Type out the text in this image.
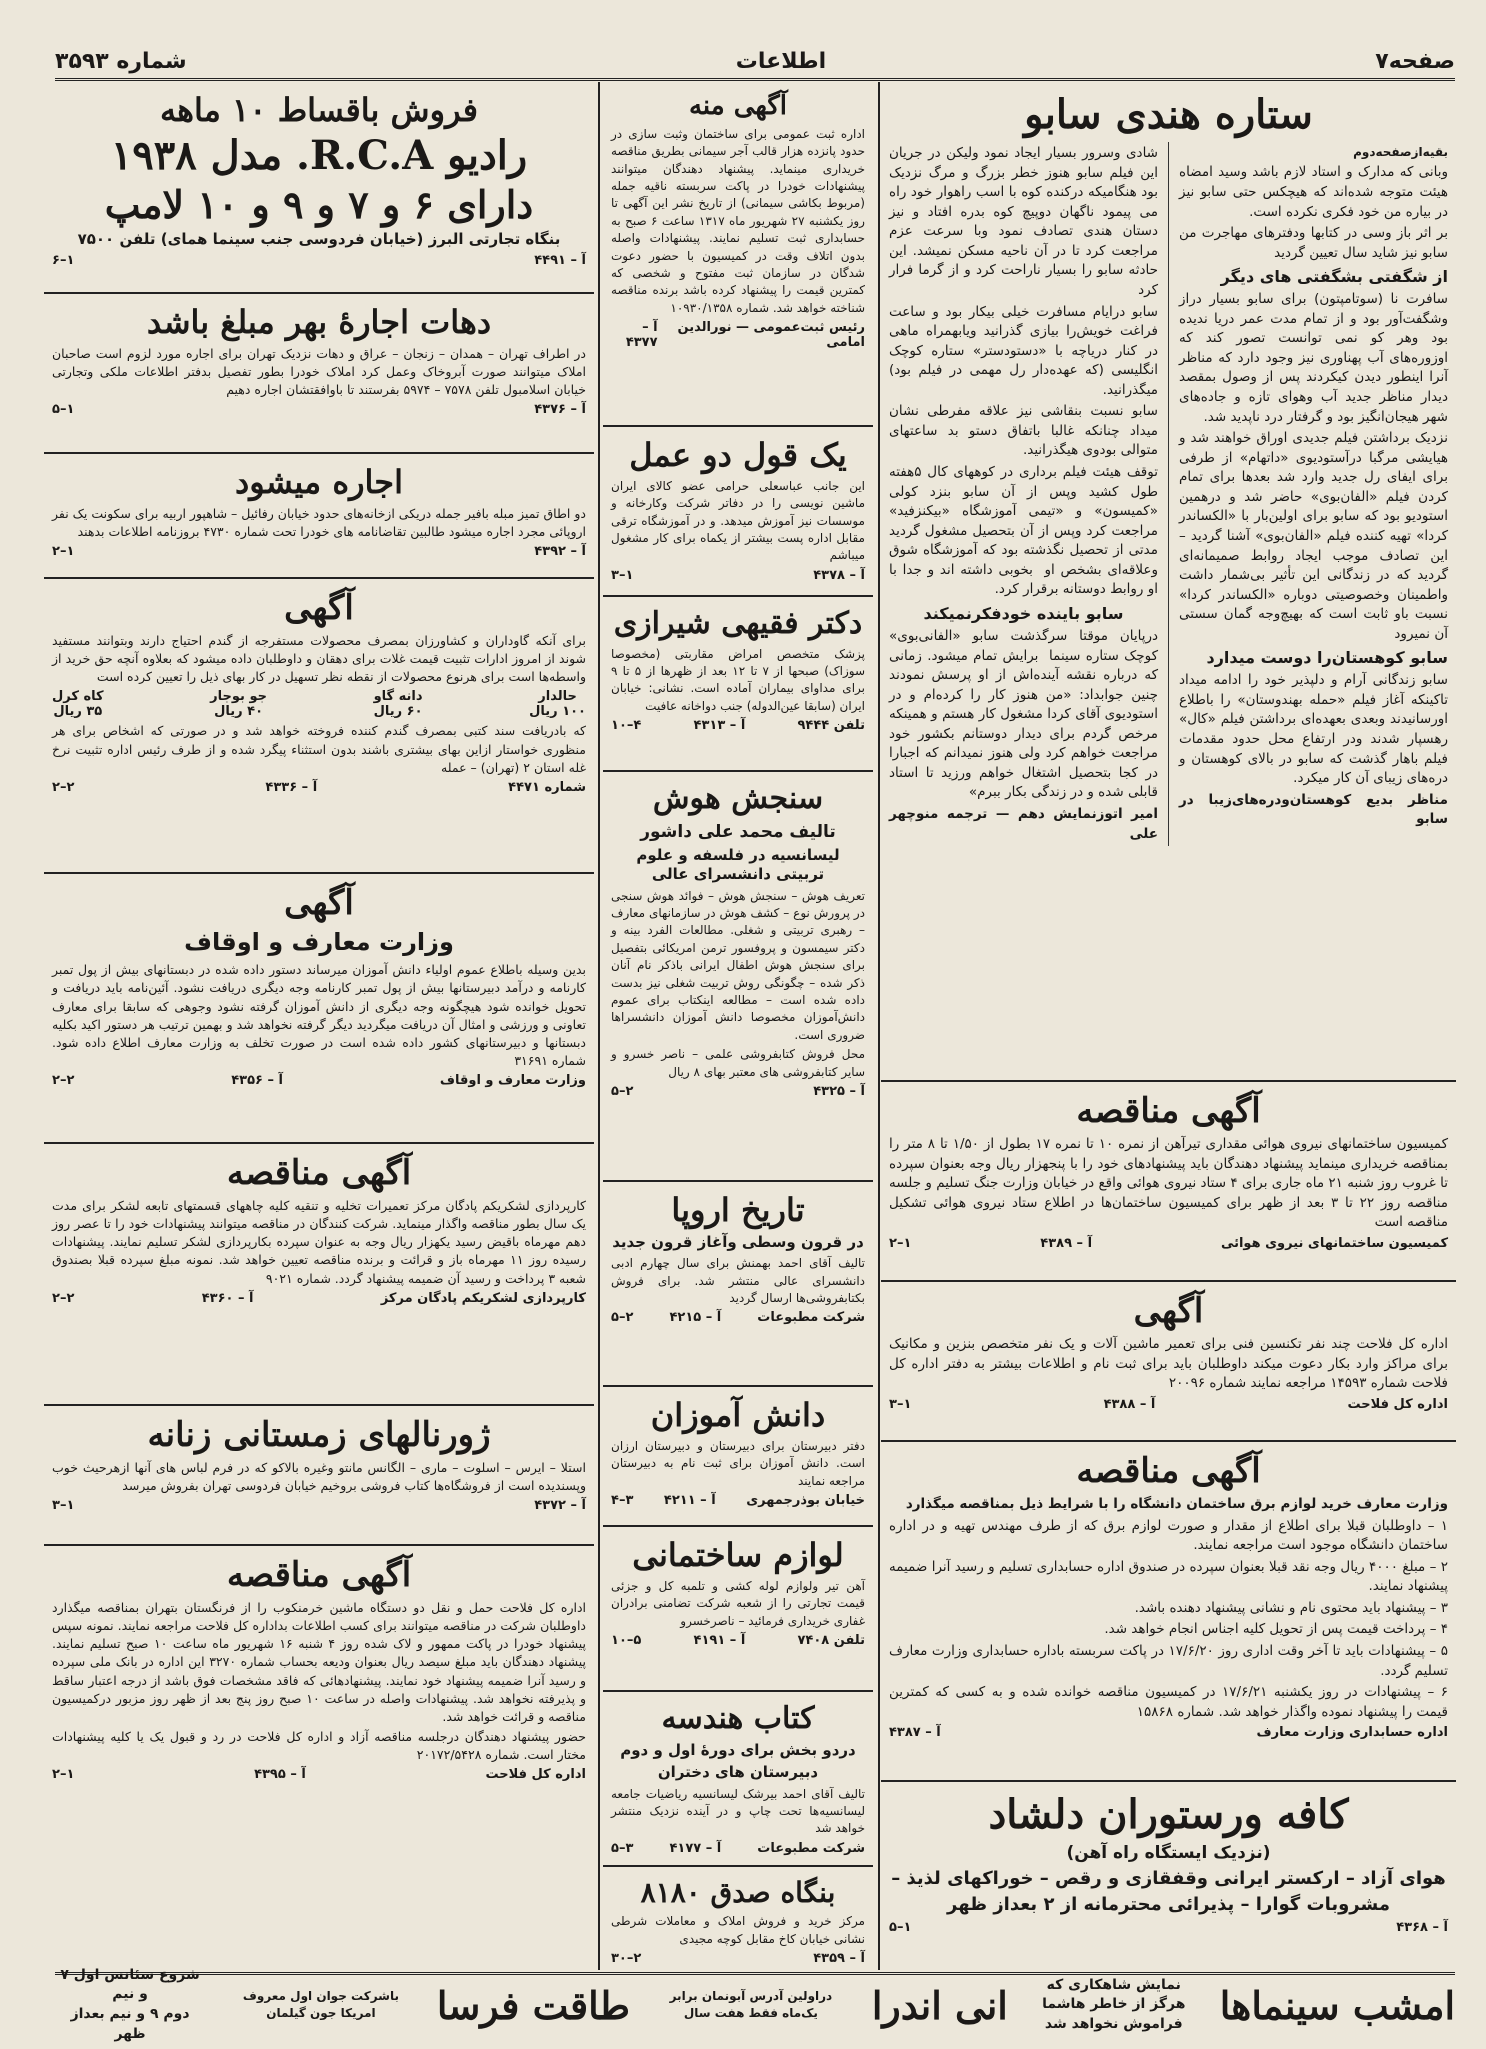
صفحه۷
اطلاعات
شماره ۳۵۹۳
ستاره هندی سابو
بقیه‌ازصفحه‌دوم

وبانی که مدارک و استاد لازم باشد وسید امضاه هیئت متوجه شده‌اند که هیچکس حتی سابو نیز در بیاره من خود فکری نکرده است.

بر اثر باز وسی در کتابها ودفترهای مهاجرت من سابو نیز شاید سال تعیین گردید

از شگفتی بشگفتی های دیگر

سافرت نا (سوتامپتون) برای سابو بسیار دراز وشگفت‌آور بود‌ و از تمام مدت عمر دریا ندیده بود وهر کو نمی توانست تصور کند که اوزوره‌های آب پهناوری نیز وجود دارد که مناظر آنرا اینطور دیدن کیکردند پس از وصول بمقصد دیدار مناظر جدید آب‌ و‌هوای تازه و جاده‌های شهر هیجان‌انگیز بود و گرفتار درد ناپدید شد.

نزدیک برداشتن فیلم جدیدی اوراق خواهند شد و هیایشی مرگبا درآستودیوی «داتهام» از طرفی برای ایفای رل جدید وارد شد بعدها برای تمام کردن فیلم «الفان‌بوی» حاضر شد و درهمین استودیو بود که سابو برای اولین‌بار با «الکساندر کردا» تهیه کننده فیلم «الفان‌بوی» آشنا گردید – این تصادف موجب ایجاد روابط صمیمانه‌ای گردید که در زندگانی این تأثیر بی‌شمار داشت واطمینان وخصوصیتی دوباره «الکساندر کردا» نسبت باو‌ ثابت است که بهیچ‌وجه گمان سستی آن نمیرود

سابو کوهستان‌را دوست میدارد

سابو زندگانی آرام و‌ دلپذیر خود را ادامه میداد تاکینکه آغاز فیلم «حمله بهندوستان» را باطلاع اورسانیدند وبعدی بعهده‌ای برداشتن فیلم «کال» رهسپار شدند ودر ارتفاع محل حدود مقدمات فیلم باهار گذشت که سابو در بالای کوهستان و‌ دره‌های زیبای آن کار میکرد.

مناظر بدیع کوهستان‌و‌دره‌های‌زیبا در سابو

شادی وسرور بسیار ایجاد نمود ولیکن در جریان این فیلم سابو هنوز خطر بزرگ‌ و مرگ نزدیک بود هنگامیکه درکنده کوه با اسب راهوار خود راه می پیمود ناگهان دوپیچ کوه بدره افتاد‌ و نیز دستان هندی تصادف نمود وبا سرعت عزم مراجعت کرد تا در آن ناحیه مسکن نمیشد. این حادثه سابو را بسیار ناراحت کرد و از گرما فرار کرد

سابو درایام مسافرت خیلی بیکار بود و ساعت فراغت خویش‌را بیازی گذرانید ویابهمراه ماهی در کنار دریاچه با «دستو‌دستر» ستاره کوچک انگلیسی (که عهده‌دار رل مهمی در فیلم بود) میگذرانید.

سابو نسبت بنقاشی نیز علاقه مفرطی نشان میداد چنانکه غالبا باتفاق دستو‌ بد ساعتهای متوالی بودوی هیگذرانید.

توقف هیئت فیلم برداری در کوههای کال ۵هفته طول کشید وپس از آن سابو بنزد کولی «کمیسون» و «تیمی آموزشگاه «بیکنزفید» مراجعت کرد وپس از آن بتحصیل مشغول گردید مدتی از تحصیل نگذشته بود که آموزشگاه شوق و‌علاقه‌ای بشخص او ‌ بخوبی داشته اند‌ و جدا با او روابط دوستانه برقرار کرد.

سابو باینده خودفکرنمیکند

درپایان موقتا سرگذشت سابو «الفانی‌بوی» کوچک ستاره سینما ‌ برایش‌ تمام میشود. زمانی که درباره نقشه آینده‌اش از او پرسش نمودند چنین جوابداد: «من هنوز کار را کرده‌ام و در استودیوی آقای کردا مشغول کار هستم و همینکه مرخص گردم برای دیدار دوستانم بکشور خود مراجعت خواهم کرد ولی هنوز نمیدانم که اجبارا در کجا بتحصیل اشتغال خواهم ورزید تا استاد قابلی شده و‌ در زندگی بکار ببرم»

امیر‌ اتوزنمایش‌ دهم — ترجمه منوچهر علی
آگهی مناقصه

کمیسیون ساختمانهای نیروی هوائی مقداری تیرآهن از نمره ۱۰ تا نمره ۱۷ بطول از ۱/۵۰ تا ۸ متر را بمناقصه خریداری مینماید پیشنهاد دهندگان باید پیشنهادهای خود را با پنجهزار ریال وجه بعنوان سپرده تا غروب روز شنبه ۲۱ ماه جاری برای ۴ ستاد نیروی هوائی واقع در خیابان وزارت جنگ تسلیم و‌ جلسه مناقصه روز ۲۲ تا ۳ بعد از ظهر برای کمیسیون ساختمان‌ها در اطلاع ستاد نیروی هوائی تشکیل مناقصه است

کمیسیون ساختمانهای نیروی هوائی
آ – ۴۳۸۹
۱–۲
آگهی

اداره کل فلاحت چند نفر تکنسین فنی برای تعمیر ماشین آلات و یک نفر متخصص بنزین و‌ مکانیک برای مراکز وارد بکار دعوت میکند داوطلبان باید برای ثبت نام و اطلاعات بیشتر به دفتر اداره کل فلاحت شماره ۱۴۵۹۳ مراجعه نمایند شماره ۲۰۰۹۶

اداره کل فلاحت
آ – ۴۳۸۸
۱–۳
آگهی مناقصه

وزارت معارف خرید لوازم برق ساختمان دانشگاه را با شرایط ذیل بمناقصه میگذارد

۱ – داوطلبان قبلا برای اطلاع از مقدار و صورت لوازم برق که از طرف مهندس تهیه و در اداره ساختمان دانشگاه موجود است مراجعه نمایند.

۲ – مبلغ ۴۰۰۰ ریال وجه نقد قبلا بعنوان سپرده در صندوق اداره حسابداری تسلیم و‌ رسید آنرا ضمیمه پیشنهاد نمایند.

۳ – پیشنهاد باید محتوی نام‌ و نشانی پیشنهاد دهنده باشد.

۴ – پرداخت قیمت پس از تحویل کلیه اجناس انجام خواهد شد.

۵ – پیشنهادات باید تا آخر وقت اداری روز ۱۷/۶/۲۰ در پاکت سربسته باداره حسابداری وزارت معارف تسلیم گردد.

۶ – پیشنهادات در روز یکشنبه ۱۷/۶/۲۱ در کمیسیون مناقصه خوانده شده و به کسی که کمترین قیمت را پیشنهاد نموده واگذار خواهد شد. شماره ۱۵۸۶۸

اداره حسابداری وزارت معارف
آ – ۴۳۸۷
کافه ورستوران دلشاد
(نزدیک ایستگاه راه آهن)
هوای آزاد – ارکستر ایرانی وقفقازی و رقص – خوراکهای لذیذ –
مشروبات گوارا – پذیرائی محترمانه از ۲ بعداز ظهر
آ – ۴۳۶۸
۱–۵
آگهی منه

اداره ثبت عمومی برای ساختمان وثبت سازی در حدود پانزده هزار قالب آجر سیمانی بطریق مناقصه خریداری مینماید. پیشنهاد دهندگان میتوانند پیشنهادات خودرا در پاکت سربسته ناقیه جمله (مربوط بکاشی سیمانی) از تاریخ نشر این آگهی تا روز یکشنبه ۲۷ شهریور ماه ۱۳۱۷ ساعت ۶ صبح به حسابداری ثبت تسلیم نمایند. پیشنهادات واصله بدون اتلاف وقت در کمیسیون با حضور دعوت شدگان در سازمان ثبت مفتوح و شخصی که کمترین قیمت را پیشنهاد کرده باشد برنده مناقصه شناخته خواهد شد. شماره ۱۰۹۳۰/۱۳۵۸

رئیس ثبت‌عمومی — نورالدین امامی
آ – ۴۳۷۷
یک قول دو عمل

این جانب عباسعلی حرامی‌ عضو کالای ایران ماشین نویسی را در دفاتر شرکت وکارخانه و موسسات نیز آموزش میدهد. و در آموزشگاه ترقی‌ مقابل اداره پست بیشتر از یکماه برای کار مشغول میباشم

آ – ۴۳۷۸
۱–۳
دکتر فقیهی شیرازی

پزشک متخصص امراض مقاربتی (مخصوصا سوزاک) صبحها از ۷ تا ۱۲ بعد از ظهرها از ۵ تا ۹ برای مداوای بیماران آماده است. نشانی: خیابان ایران (سابقا عین‌الدوله) جنب دواخانه عافیت

تلفن ۹۴۴۴
آ – ۴۳۱۳
۴–۱۰
سنجش هوش
تالیف محمد علی داشور
لیسانسیه در فلسفه و علوم تربیتی دانشسرای عالی

تعریف هوش – سنجش هوش – فوائد هوش سنجی در پرورش نوع – کشف هوش در سازمانهای معارف – رهبری تربیتی و شغلی. مطالعات الفرد بینه و‌ دکتر سیمسون و پروفسور ترمن امریکائی بتفصیل برای سنجش هوش اطفال ایرانی باذکر نام آنان ذکر شده – چگونگی روش تربیت شغلی نیز بدست داده شده است – مطالعه اینکتاب برای عموم دانش‌آموزان مخصوصا دانش آموزان دانشسراها ضروری است.

محل فروش کتابفروشی علمی – ناصر خسرو و سایر کتابفروشی های معتبر بهای ۸ ریال

آ – ۴۳۲۵
۲–۵
تاریخ اروپا
در قرون وسطی وآغاز قرون جدید

تالیف آقای احمد بهمنش برای سال چهارم ادبی دانشسرای عالی منتشر شد. برای فروش بکتابفروشی‌ها ارسال گردید

شرکت مطبوعات
آ – ۴۲۱۵
۲–۵
دانش آموزان

دفتر دبیرستان برای دبیرستان و دبیرستان ارزان است. دانش آموزان برای ثبت نام به دبیرستان مراجعه نمایند

خیابان بوذرجمهری
آ – ۴۲۱۱
۳–۴
لوازم ساختمانی

آهن تیر ولوازم لوله کشی و تلمبه کل و‌ جزئی قیمت تجارتی را از شعبه شرکت تضامنی برادران غفاری خریداری فرمائید – ناصرخسرو

تلفن ۷۴۰۸
آ – ۴۱۹۱
۵–۱۰
کتاب هندسه
دردو بخش برای دورهٔ اول و دوم
دبیرستان های دختران

تالیف آقای احمد بیرشک لیسانسیه ریاضیات جامعه لیسانسیه‌ها تحت چاپ و در آینده نزدیک منتشر خواهد شد

شرکت مطبوعات
آ – ۴۱۷۷
۳–۵
بنگاه صدق ۸۱۸۰

مرکز خرید و فروش املاک و معاملات شرطی نشانی خیابان کاخ مقابل کوچه مجیدی

آ – ۴۳۵۹
۲–۳۰
فروش باقساط ۱۰ ماهه
رادیو R.C.A. مدل ۱۹۳۸
دارای ۶ و ۷ و ۹ و ۱۰ لامپ
بنگاه تجارتی البرز (خیابان فردوسی جنب سینما همای) تلفن ۷۵۰۰
آ – ۴۴۹۱
۱–۶
دهات اجاره‌ٔ بهر مبلغ باشد

در اطراف تهران – همدان – زنجان – عراق و دهات نزدیک تهران برای اجاره مورد لزوم است صاحبان املاک میتوانند صورت آبروخاک وعمل کرد املاک خودرا بطور تفصیل بدفتر اطلاعات ملکی وتجارتی خیابان اسلامبول تلفن ۷۵۷۸ – ۵۹۷۴ بفرستند تا باوافقتشان اجاره دهیم

آ – ۴۳۷۶
۱–۵
اجاره میشود

دو اطاق تمیز مبله بافیر جمله دریکی ازخانه‌های حدود خیابان رفائیل – شاهپور اربیه برای سکونت یک نفر اروپائی مجرد اجاره میشود طالبین تقاضانامه های خودرا تحت شماره ۴۷۳۰ بروزنامه اطلاعات بدهند

آ – ۴۳۹۲
۱–۲
آگهی

برای آنکه گاوداران و کشاورزان بمصرف محصولات مستفرجه از گندم احتیاج دارند وبتوانند مستفید شوند از امروز ادارات تثبیت قیمت غلات برای دهقان و داوطلبان داده میشود که بعلاوه آنچه حق خرید از واسطه‌ها است برای هرنوع محصولات از نقطه نظر تسهیل در کار بهای ذیل را تعیین کرده است

حالدار
۱۰۰ ریال
دانه گاو
۶۰ ریال
جو بوجار
۴۰ ریال
کاه کرل
۳۵ ریال

که بادریافت سند کتبی بمصرف گندم کننده فروخته خواهد شد و در صورتی که اشخاص برای هر منظوری خواستار ازاین بهای بیشتری باشند بدون استثناء پیگرد شده و‌ از طرف رئیس اداره تثبیت نرخ غله استان ۲ (تهران) – عمله

شماره ۴۴۷۱
آ – ۴۳۳۶
۲–۲
آگهی
وزارت معارف و اوقاف

بدین وسیله باطلاع عموم اولیاء دانش آموزان میرساند دستور داده شده در دبستانهای بیش از پول تمبر کارنامه و درآمد دبیرستانها بیش از پول تمبر کارنامه وجه دیگری دریافت نشود. آئین‌نامه باید دریافت و تحویل خوانده شود هیچگونه وجه دیگری از دانش آموزان گرفته نشود وجوهی که سابقا برای معارف تعاونی و ورزشی و امثال آن دریافت میگردید دیگر گرفته نخواهد شد و بهمین ترتیب هر دستور اکید بکلیه دبستانها و‌ دبیرستانهای کشور داده شده است در صورت تخلف به وزارت معارف اطلاع داده شود. شماره ۳۱۶۹۱

وزارت معارف و اوقاف
آ – ۴۳۵۶
۲–۲
آگهی مناقصه

کارپردازی لشکریکم پادگان مرکز تعمیرات تخلیه و‌ تنقیه کلیه چاههای قسمتهای تابعه لشکر برای مدت یک سال بطور مناقصه واگذار مینماید. شرکت کنندگان در مناقصه میتوانند پیشنهادات خود را تا عصر روز دهم مهرماه باقیض رسید یکهزار ریال وجه به عنوان سپرده بکارپردازی لشکر تسلیم نمایند. پیشنهادات رسیده روز ۱۱ مهرماه باز و قرائت و برنده مناقصه تعیین خواهد شد. نمونه مبلغ سپرده قبلا بصندوق شعبه ۳ پرداخت و‌ رسید آن ضمیمه پیشنهاد گردد. شماره ۹۰۲۱

کارپردازی لشکریکم پادگان مرکز
آ – ۴۳۶۰
۲–۲
ژورنالهای زمستانی زنانه

استلا – ایرس – اسلوت – ماری – الگانس مانتو وغیره بالاکو که در فرم لباس های آنها ازهرحیث خوب وپسندیده است از فروشگاه‌ها کتاب فروشی بروخیم خیابان فردوسی تهران بفروش میرسد

آ – ۴۳۷۲
۱–۳
آگهی مناقصه

اداره کل فلاحت حمل و‌ نقل دو دستگاه ماشین خرمنکوب را از فرنگستان بتهران بمناقصه میگذارد داوطلبان شرکت در مناقصه میتوانند برای کسب اطلاعات بداداره کل فلاحت مراجعه نمایند. نمونه سپس پیشنهاد خودرا در پاکت ممهور و لاک شده روز ۴ شنبه ۱۶ شهریور ماه ساعت ۱۰ صبح تسلیم نمایند. پیشنهاد دهندگان باید مبلغ سیصد ریال بعنوان ودیعه بحساب شماره ۳۲۷۰ این اداره در بانک ملی سپرده و‌ رسید آنرا ضمیمه پیشنهاد خود نمایند. پیشنهادهائی که فاقد مشخصات فوق باشد از درجه اعتبار ساقط و‌ پذیرفته نخواهد شد. پیشنهادات واصله در ساعت ۱۰ صبح روز پنج بعد از ظهر روز مزبور درکمیسیون مناقصه و‌ قرائت خواهد شد.

حضور پیشنهاد دهندگان درجلسه مناقصه آزاد و‌ اداره کل فلاحت در رد و قبول یک یا کلیه پیشنهادات مختار است. شماره ۲۰۱۷۲/۵۴۲۸

اداره کل فلاحت
آ – ۴۳۹۵
۱–۲
امشب سینماها
نمایش شاهکاری که هرگز از خاطر هاشما فراموش نخواهد شد
انی اندرا
دراولین آدرس آبونمان برابر یک‌ماه فقط‌ هفت سال
طاقت فرسا
باشرکت جوان اول معروف امریکا جون گیلمان
شروع سئانس اول ۷ و نیم
دوم ۹ و نیم بعداز ظهر
